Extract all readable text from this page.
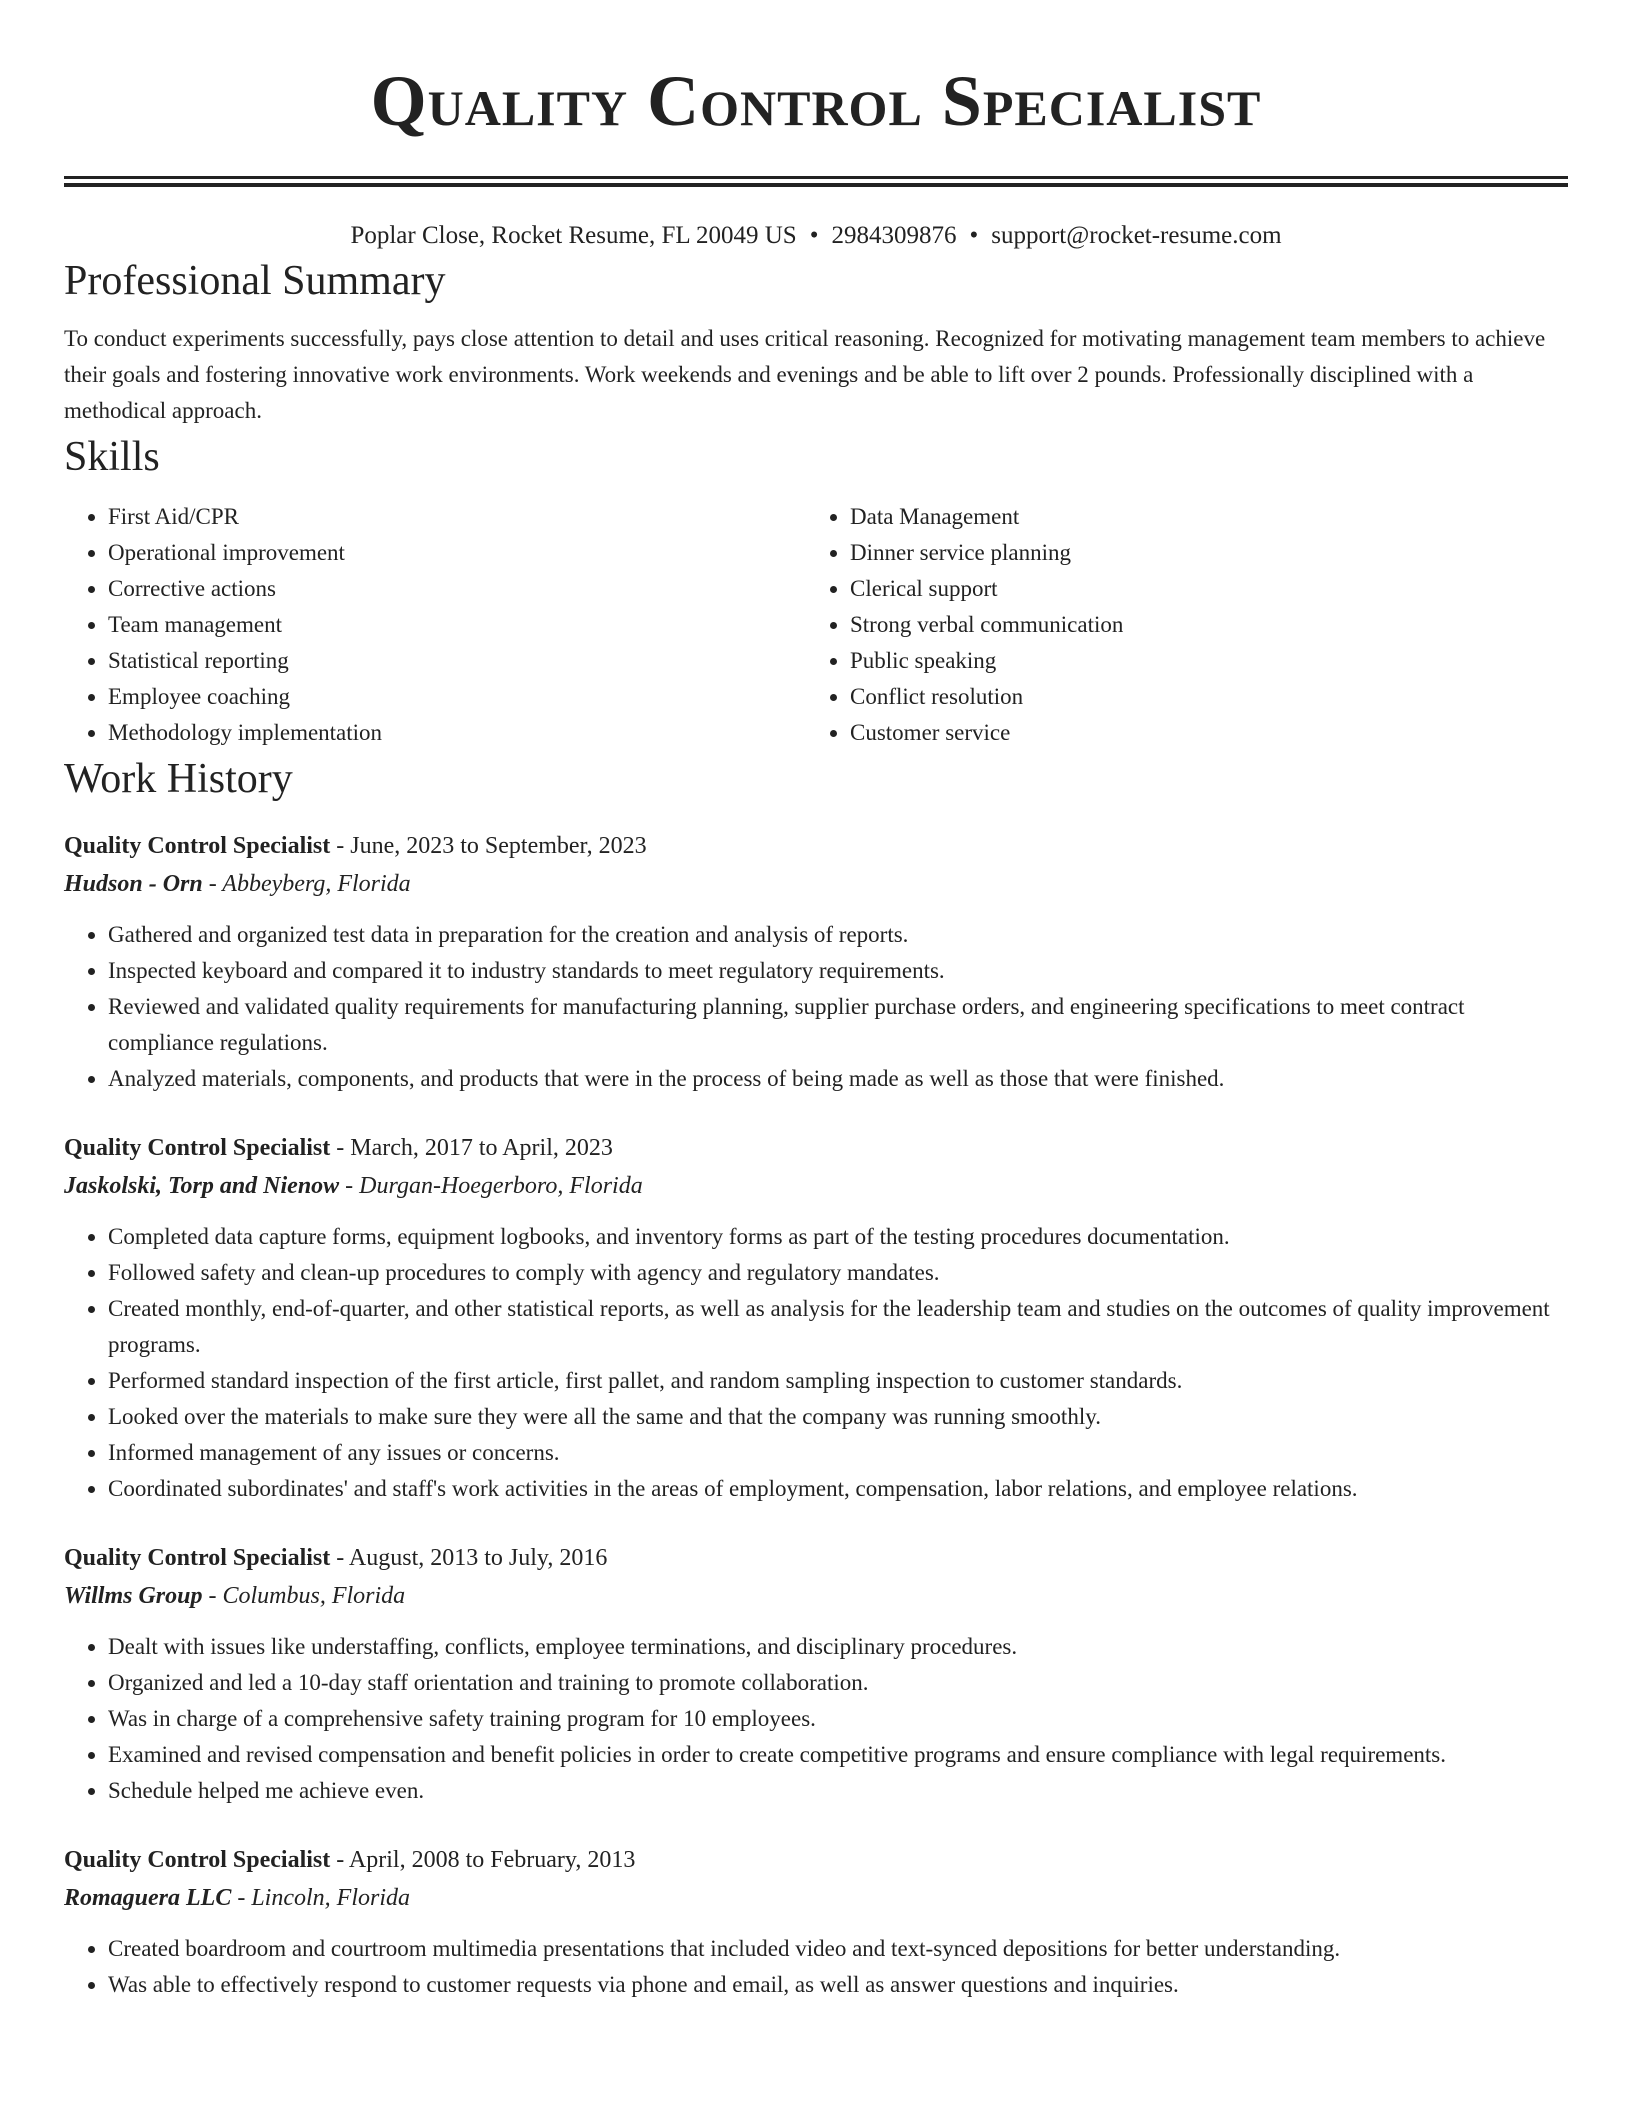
Quality Control Specialist
Poplar Close, Rocket Resume, FL 20049 US • 2984309876 • support@rocket-resume.com
Professional Summary

To conduct experiments successfully, pays close attention to detail and uses critical reasoning. Recognized for motivating management team members to achieve their goals and fostering innovative work environments. Work weekends and evenings and be able to lift over 2 pounds. Professionally disciplined with a methodical approach.

Skills
• First Aid/CPR
• Operational improvement
• Corrective actions
• Team management
• Statistical reporting
• Employee coaching
• Methodology implementation
• Data Management
• Dinner service planning
• Clerical support
• Strong verbal communication
• Public speaking
• Conflict resolution
• Customer service
Work History
Quality Control Specialist - June, 2023 to September, 2023
Hudson - Orn - Abbeyberg, Florida
• Gathered and organized test data in preparation for the creation and analysis of reports.
• Inspected keyboard and compared it to industry standards to meet regulatory requirements.
• Reviewed and validated quality requirements for manufacturing planning, supplier purchase orders, and engineering specifications to meet contract compliance regulations.
• Analyzed materials, components, and products that were in the process of being made as well as those that were finished.
Quality Control Specialist - March, 2017 to April, 2023
Jaskolski, Torp and Nienow - Durgan-Hoegerboro, Florida
• Completed data capture forms, equipment logbooks, and inventory forms as part of the testing procedures documentation.
• Followed safety and clean-up procedures to comply with agency and regulatory mandates.
• Created monthly, end-of-quarter, and other statistical reports, as well as analysis for the leadership team and studies on the outcomes of quality improvement programs.
• Performed standard inspection of the first article, first pallet, and random sampling inspection to customer standards.
• Looked over the materials to make sure they were all the same and that the company was running smoothly.
• Informed management of any issues or concerns.
• Coordinated subordinates' and staff's work activities in the areas of employment, compensation, labor relations, and employee relations.
Quality Control Specialist - August, 2013 to July, 2016
Willms Group - Columbus, Florida
• Dealt with issues like understaffing, conflicts, employee terminations, and disciplinary procedures.
• Organized and led a 10-day staff orientation and training to promote collaboration.
• Was in charge of a comprehensive safety training program for 10 employees.
• Examined and revised compensation and benefit policies in order to create competitive programs and ensure compliance with legal requirements.
• Schedule helped me achieve even.
Quality Control Specialist - April, 2008 to February, 2013
Romaguera LLC - Lincoln, Florida
• Created boardroom and courtroom multimedia presentations that included video and text-synced depositions for better understanding.
• Was able to effectively respond to customer requests via phone and email, as well as answer questions and inquiries.
